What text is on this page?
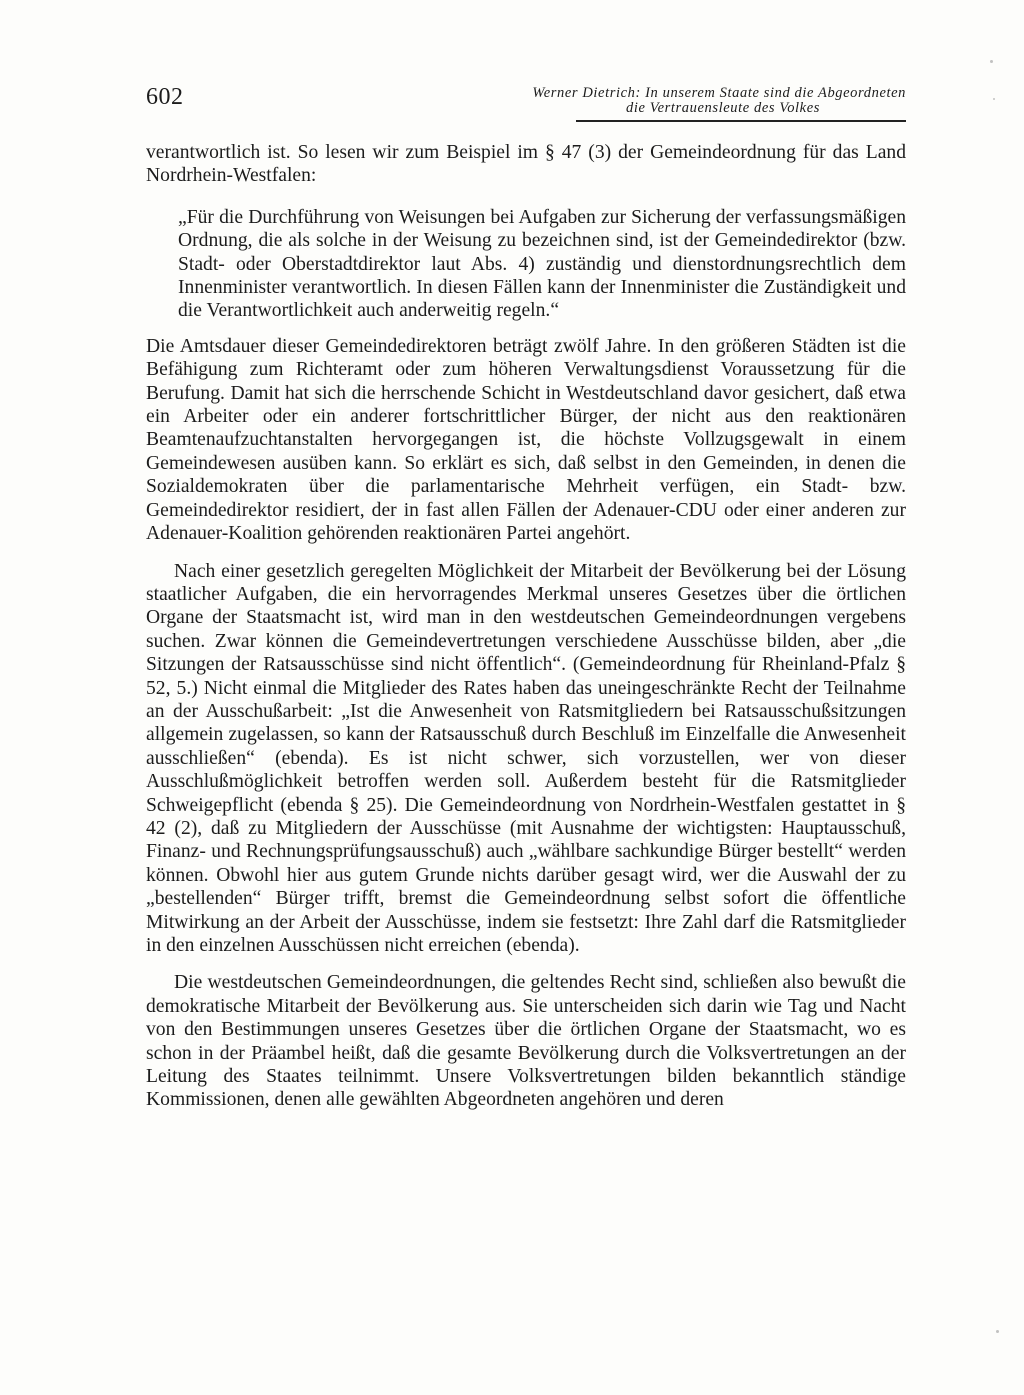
602	Werner Dietrich: In unserem Staate sind die Abgeordneten
die Vertrauensleute des Volkes

verantwortlich ist. So lesen wir zum Beispiel im § 47 (3) der Gemeindeordnung für das Land Nordrhein-Westfalen:

„Für die Durchführung von Weisungen bei Aufgaben zur Sicherung der verfassungsmäßigen Ordnung, die als solche in der Weisung zu bezeichnen sind, ist der Gemeindedirektor (bzw. Stadt- oder Oberstadtdirektor laut Abs. 4) zuständig und dienstordnungsrechtlich dem Innenminister verantwortlich. In diesen Fällen kann der Innenminister die Zuständigkeit und die Verantwortlichkeit auch anderweitig regeln.“

Die Amtsdauer dieser Gemeindedirektoren beträgt zwölf Jahre. In den größeren Städten ist die Befähigung zum Richteramt oder zum höheren Verwaltungsdienst Voraussetzung für die Berufung. Damit hat sich die herrschende Schicht in Westdeutschland davor gesichert, daß etwa ein Arbeiter oder ein anderer fortschrittlicher Bürger, der nicht aus den reaktionären Beamtenaufzuchtanstalten hervorgegangen ist, die höchste Vollzugsgewalt in einem Gemeindewesen ausüben kann. So erklärt es sich, daß selbst in den Gemeinden, in denen die Sozialdemokraten über die parlamentarische Mehrheit verfügen, ein Stadt- bzw. Gemeindedirektor residiert, der in fast allen Fällen der Adenauer-CDU oder einer anderen zur Adenauer-Koalition gehörenden reaktionären Partei angehört.

Nach einer gesetzlich geregelten Möglichkeit der Mitarbeit der Bevölkerung bei der Lösung staatlicher Aufgaben, die ein hervorragendes Merkmal unseres Gesetzes über die örtlichen Organe der Staatsmacht ist, wird man in den westdeutschen Gemeindeordnungen vergebens suchen. Zwar können die Gemeindevertretungen verschiedene Ausschüsse bilden, aber „die Sitzungen der Ratsausschüsse sind nicht öffentlich“. (Gemeindeordnung für Rheinland-Pfalz § 52, 5.) Nicht einmal die Mitglieder des Rates haben das uneingeschränkte Recht der Teilnahme an der Ausschußarbeit: „Ist die Anwesenheit von Ratsmitgliedern bei Ratsausschußsitzungen allgemein zugelassen, so kann der Ratsausschuß durch Beschluß im Einzelfalle die Anwesenheit ausschließen“ (ebenda). Es ist nicht schwer, sich vorzustellen, wer von dieser Ausschlußmöglichkeit betroffen werden soll. Außerdem besteht für die Ratsmitglieder Schweigepflicht (ebenda § 25). Die Gemeindeordnung von Nordrhein-Westfalen gestattet in § 42 (2), daß zu Mitgliedern der Ausschüsse (mit Ausnahme der wichtigsten: Hauptausschuß, Finanz- und Rechnungsprüfungsausschuß) auch „wählbare sachkundige Bürger bestellt“ werden können. Obwohl hier aus gutem Grunde nichts darüber gesagt wird, wer die Auswahl der zu „bestellenden“ Bürger trifft, bremst die Gemeindeordnung selbst sofort die öffentliche Mitwirkung an der Arbeit der Ausschüsse, indem sie festsetzt: Ihre Zahl darf die Ratsmitglieder in den einzelnen Ausschüssen nicht erreichen (ebenda).

Die westdeutschen Gemeindeordnungen, die geltendes Recht sind, schließen also bewußt die demokratische Mitarbeit der Bevölkerung aus. Sie unterscheiden sich darin wie Tag und Nacht von den Bestimmungen unseres Gesetzes über die örtlichen Organe der Staatsmacht, wo es schon in der Präambel heißt, daß die gesamte Bevölkerung durch die Volksvertretungen an der Leitung des Staates teilnimmt. Unsere Volksvertretungen bilden bekanntlich ständige Kommissionen, denen alle gewählten Abgeordneten angehören und deren
